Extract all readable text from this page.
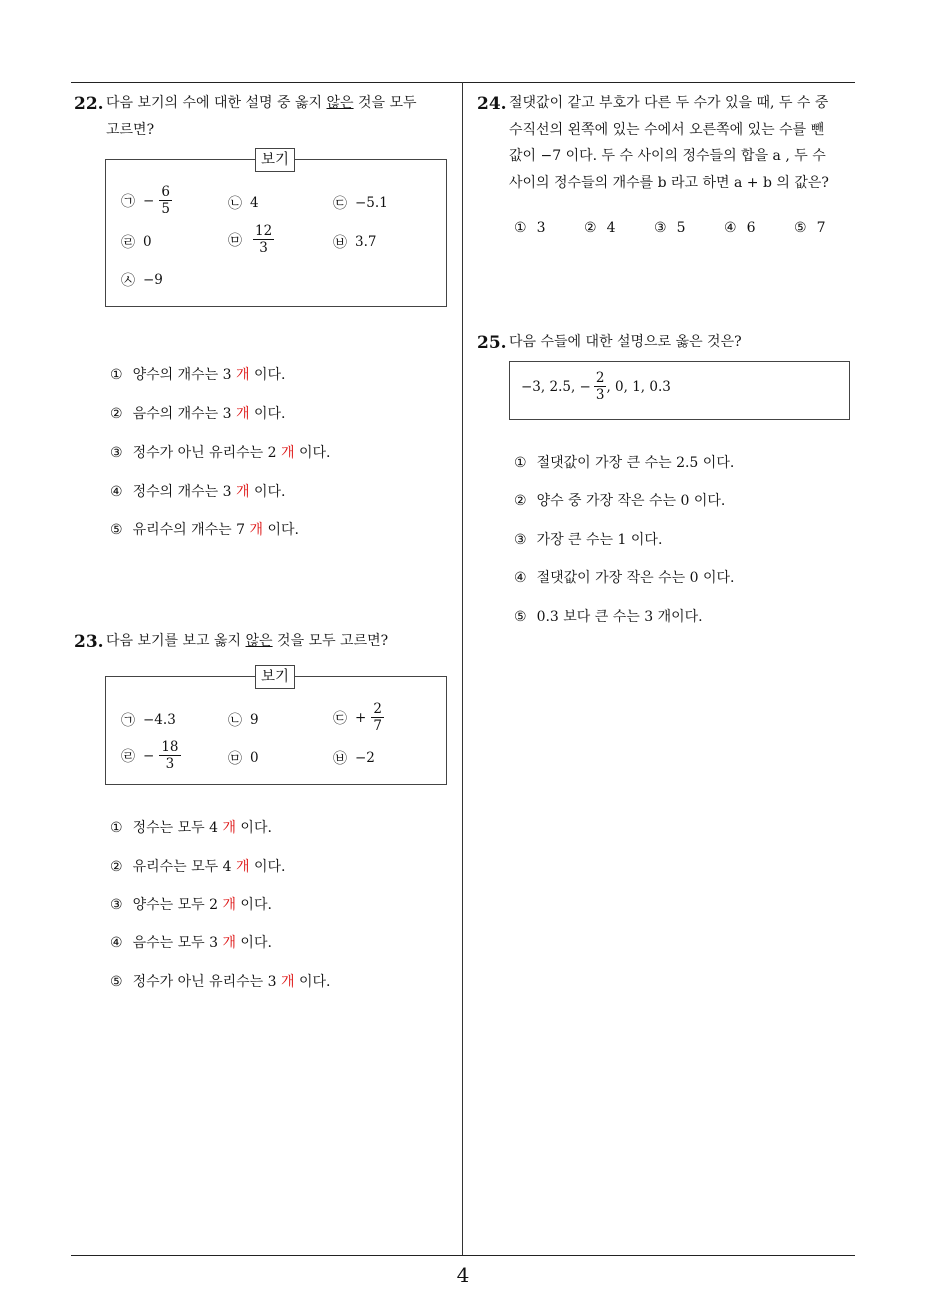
4
22. 다음 보기의 수에 대한 설명 중 옳지 않은 것을 모두
고르면?
보기
㉠ − $\frac{6}{5}$	㉡ 4	㉢ −5.1
㉣ 0	㉤ $\frac{12}{3}$	㉥ 3.7
㉦ −9
① 양수의 개수는 3 개 이다.
② 음수의 개수는 3 개 이다.
③ 정수가 아닌 유리수는 2 개 이다.
④ 정수의 개수는 3 개 이다.
⑤ 유리수의 개수는 7 개 이다.
23. 다음 보기를 보고 옳지 않은 것을 모두 고르면?
보기
㉠ −4.3	㉡ 9	㉢ + $\frac{2}{7}$
㉣ − $\frac{18}{3}$	㉤ 0	㉥ −2
① 정수는 모두 4 개 이다.
② 유리수는 모두 4 개 이다.
③ 양수는 모두 2 개 이다.
④ 음수는 모두 3 개 이다.
⑤ 정수가 아닌 유리수는 3 개 이다.
24. 절댓값이 같고 부호가 다른 두 수가 있을 때, 두 수 중
수직선의 왼쪽에 있는 수에서 오른쪽에 있는 수를 뺀
값이 −7 이다. 두 수 사이의 정수들의 합을 a , 두 수
사이의 정수들의 개수를 b 라고 하면 a + b 의 값은?
① 3	② 4	③ 5	④ 6	⑤ 7
25. 다음 수들에 대한 설명으로 옳은 것은?
−3, 2.5, − $\frac{2}{3}$ , 0, 1, 0.3
① 절댓값이 가장 큰 수는 2.5 이다.
② 양수 중 가장 작은 수는 0 이다.
③ 가장 큰 수는 1 이다.
④ 절댓값이 가장 작은 수는 0 이다.
⑤ 0.3 보다 큰 수는 3 개이다.
